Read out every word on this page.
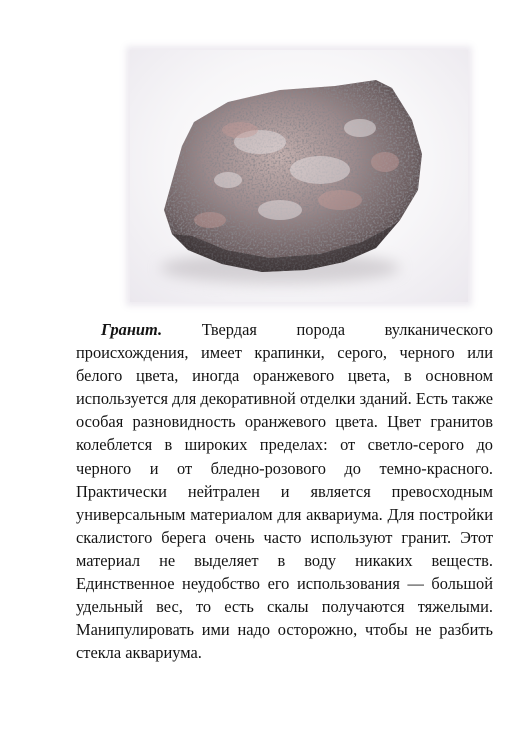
Гранит. Твердая порода вулканического происхождения, имеет крапинки, серого, черного или белого цвета, иногда оранжевого цвета, в основном используется для декоративной отделки зданий. Есть также особая разновидность оранжевого цвета. Цвет гранитов колеблется в широких пределах: от светло-серого до черного и от бледно-розового до темно-красного. Практически нейтрален и является превосходным универсальным материалом для аквариума. Для постройки скалистого берега очень часто используют гранит. Этот материал не выделяет в воду никаких веществ. Единственное неудобство его использования — большой удельный вес, то есть скалы получаются тяжелыми. Манипулировать ими надо осторожно, чтобы не разбить стекла аквариума.
